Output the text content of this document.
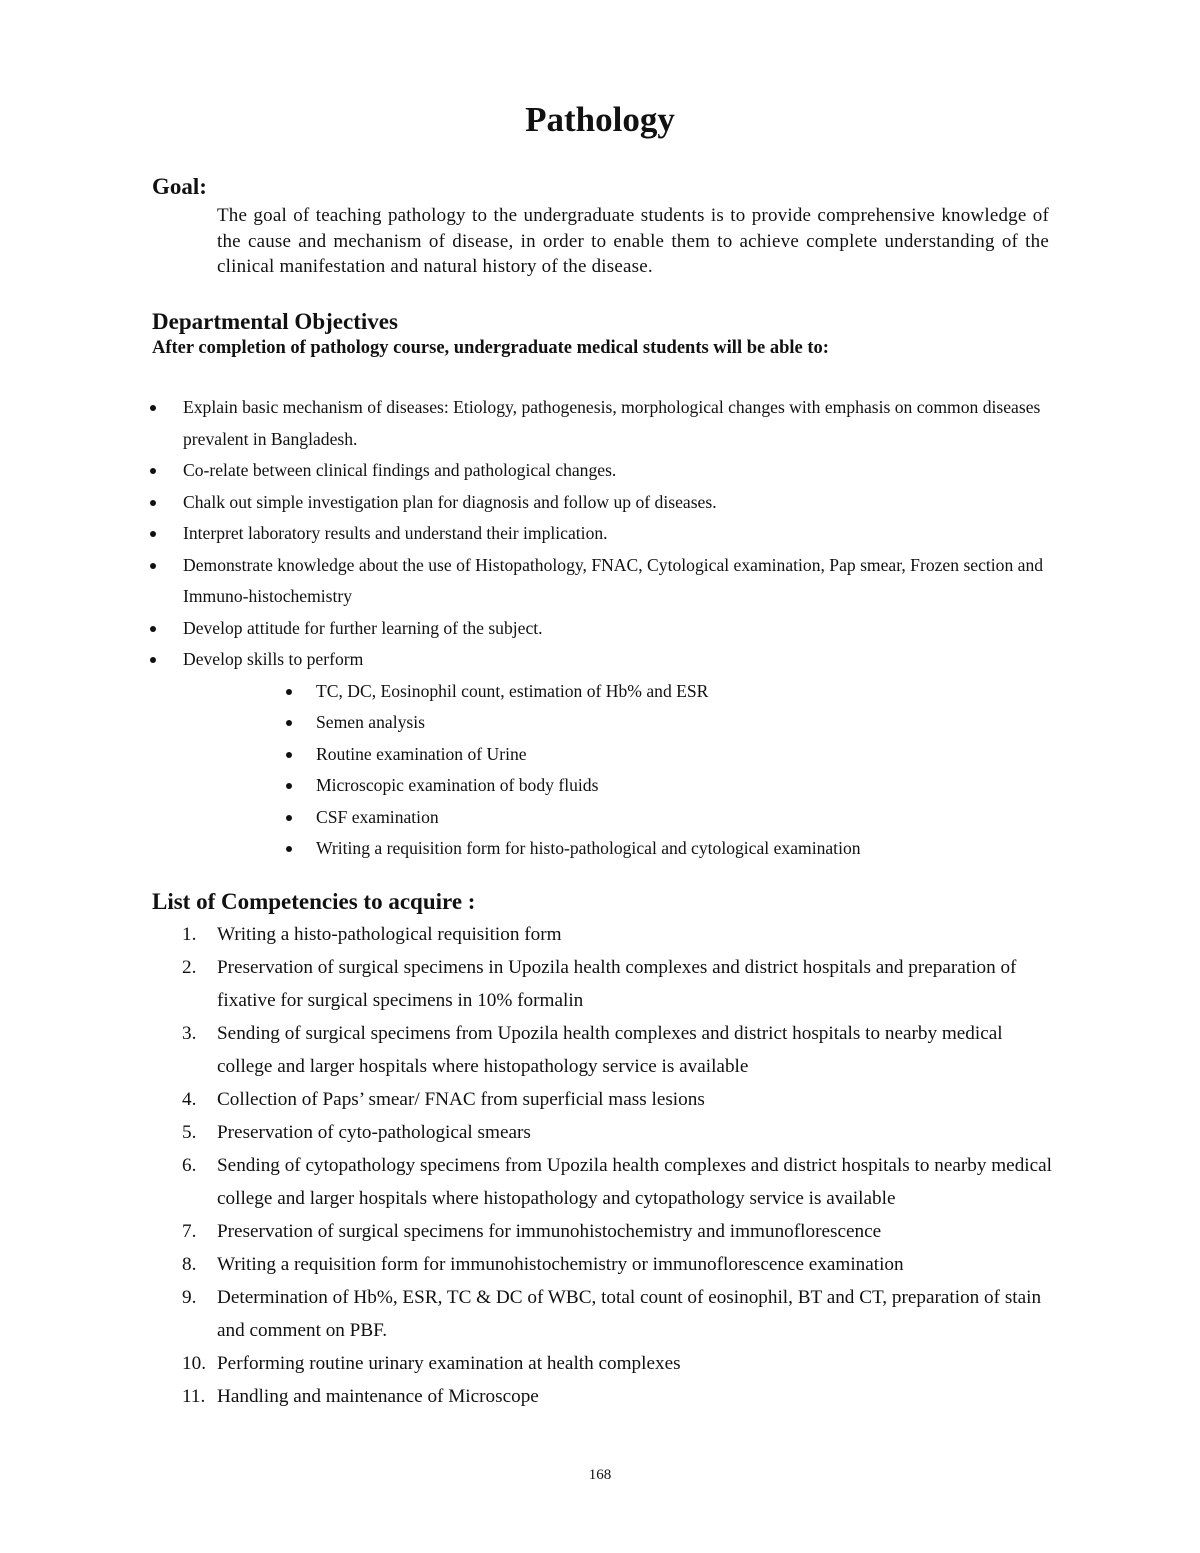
Pathology
Goal:

The goal of teaching pathology to the undergraduate students is to provide comprehensive knowledge of the cause and mechanism of disease, in order to enable them to achieve complete understanding of the clinical manifestation and natural history of the disease.

Departmental Objectives

After completion of pathology course, undergraduate medical students will be able to:

Explain basic mechanism of diseases: Etiology, pathogenesis, morphological changes with emphasis on common diseases prevalent in Bangladesh.
Co-relate between clinical findings and pathological changes.
Chalk out simple investigation plan for diagnosis and follow up of diseases.
Interpret laboratory results and understand their implication.
Demonstrate knowledge about the use of Histopathology, FNAC, Cytological examination, Pap smear, Frozen section and Immuno-histochemistry
Develop attitude for further learning of the subject.
Develop skills to perform
TC, DC, Eosinophil count, estimation of Hb% and ESR
Semen analysis
Routine examination of Urine
Microscopic examination of body fluids
CSF examination
Writing a requisition form for histo-pathological and cytological examination
List of Competencies to acquire :
1.	Writing a histo-pathological requisition form
2.	Preservation of surgical specimens in Upozila health complexes and district hospitals and preparation of fixative for surgical specimens in 10% formalin
3.	Sending of surgical specimens from Upozila health complexes and district hospitals to nearby medical college and larger hospitals where histopathology service is available
4.	Collection of Paps’ smear/ FNAC from superficial mass lesions
5.	Preservation of cyto-pathological smears
6.	Sending of cytopathology specimens from Upozila health complexes and district hospitals to nearby medical college and larger hospitals where histopathology and cytopathology service is available
7.	Preservation of surgical specimens for immunohistochemistry and immunoflorescence
8.	Writing a requisition form for immunohistochemistry or immunoflorescence examination
9.	Determination of Hb%, ESR, TC & DC of WBC, total count of eosinophil, BT and CT, preparation of stain and comment on PBF.
10. Performing routine urinary examination at health complexes
11. Handling and maintenance of Microscope

168
